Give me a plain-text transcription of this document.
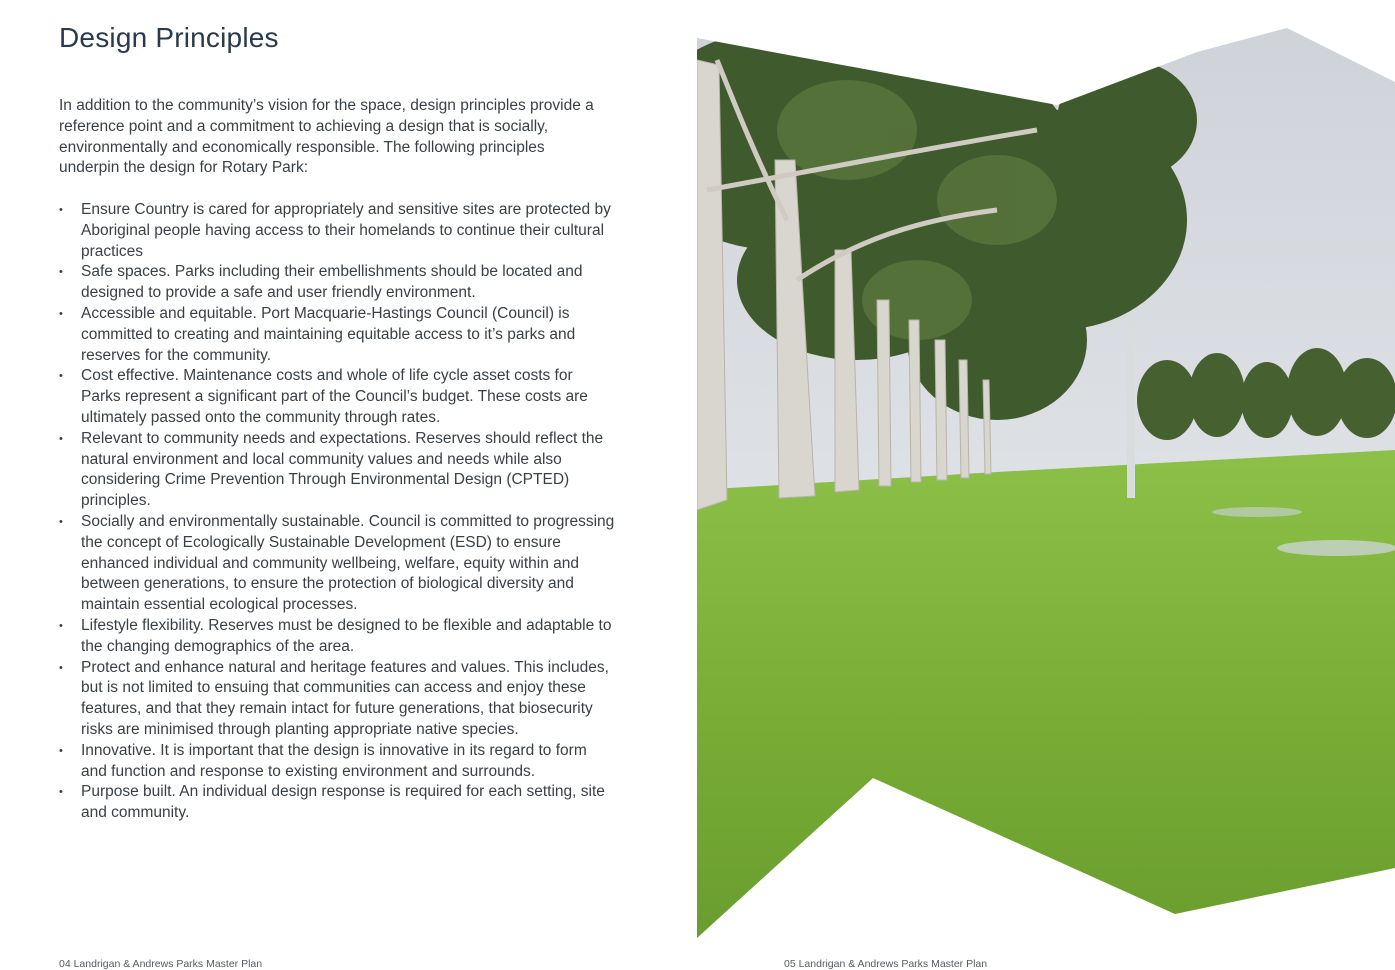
Design Principles

In addition to the community’s vision for the space, design principles provide a reference point and a commitment to achieving a design that is socially, environmentally and economically responsible. The following principles underpin the design for Rotary Park:

• Ensure Country is cared for appropriately and sensitive sites are protected by Aboriginal people having access to their homelands to continue their cultural practices
• Safe spaces. Parks including their embellishments should be located and designed to provide a safe and user friendly environment.
• Accessible and equitable. Port Macquarie-Hastings Council (Council) is committed to creating and maintaining equitable access to it’s parks and reserves for the community.
• Cost effective. Maintenance costs and whole of life cycle asset costs for Parks represent a significant part of the Council’s budget. These costs are ultimately passed onto the community through rates.
• Relevant to community needs and expectations. Reserves should reflect the natural environment and local community values and needs while also considering Crime Prevention Through Environmental Design (CPTED) principles.
• Socially and environmentally sustainable. Council is committed to progressing the concept of Ecologically Sustainable Development (ESD) to ensure enhanced individual and community wellbeing, welfare, equity within and between generations, to ensure the protection of biological diversity and maintain essential ecological processes.
• Lifestyle flexibility. Reserves must be designed to be flexible and adaptable to the changing demographics of the area.
• Protect and enhance natural and heritage features and values. This includes, but is not limited to ensuing that communities can access and enjoy these features, and that they remain intact for future generations, that biosecurity risks are minimised through planting appropriate native species.
• Innovative. It is important that the design is innovative in its regard to form and function and response to existing environment and surrounds.
• Purpose built. An individual design response is required for each setting, site and community.
04 Landrigan & Andrews Parks Master Plan	05 Landrigan & Andrews Parks Master Plan
